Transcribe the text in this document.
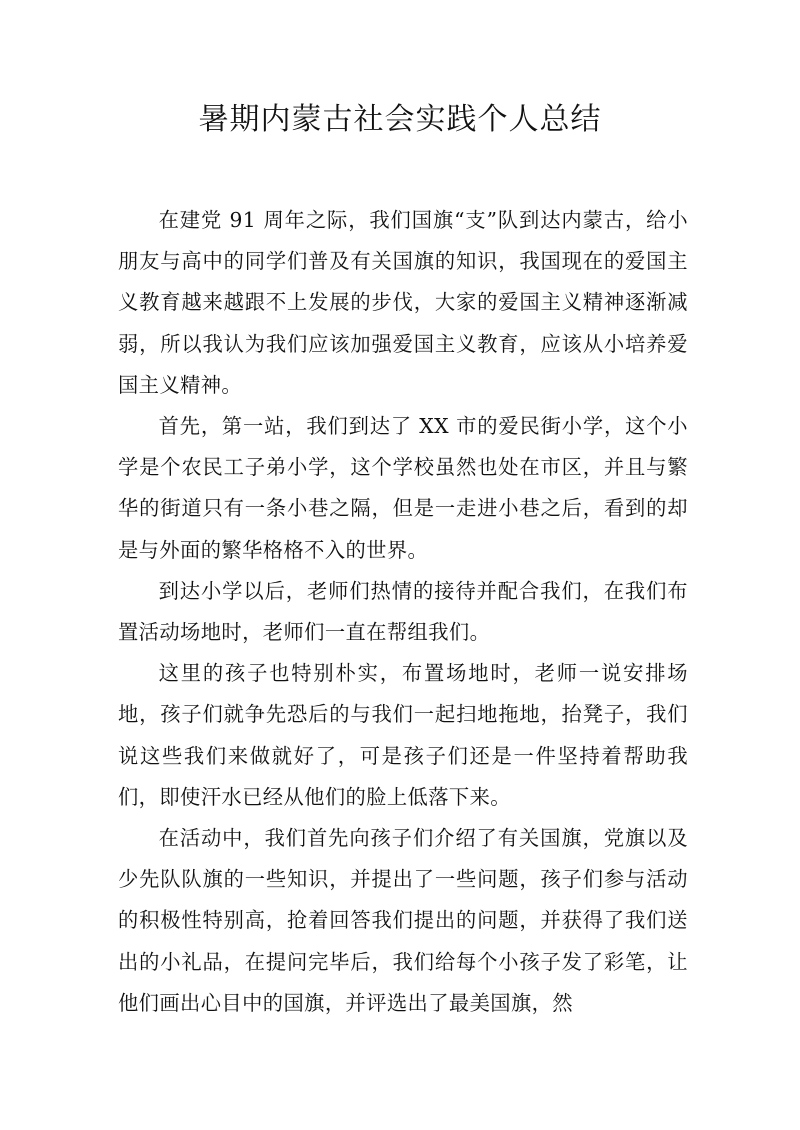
暑期内蒙古社会实践个人总结

在建党 91 周年之际，我们国旗“支”队到达内蒙古，给小朋友与高中的同学们普及有关国旗的知识，我国现在的爱国主义教育越来越跟不上发展的步伐，大家的爱国主义精神逐渐减弱，所以我认为我们应该加强爱国主义教育，应该从小培养爱国主义精神。

首先，第一站，我们到达了 XX 市的爱民街小学，这个小学是个农民工子弟小学，这个学校虽然也处在市区，并且与繁华的街道只有一条小巷之隔，但是一走进小巷之后，看到的却是与外面的繁华格格不入的世界。

到达小学以后，老师们热情的接待并配合我们，在我们布置活动场地时，老师们一直在帮组我们。

这里的孩子也特别朴实，布置场地时，老师一说安排场地，孩子们就争先恐后的与我们一起扫地拖地，抬凳子，我们说这些我们来做就好了，可是孩子们还是一件坚持着帮助我们，即使汗水已经从他们的脸上低落下来。

在活动中，我们首先向孩子们介绍了有关国旗，党旗以及少先队队旗的一些知识，并提出了一些问题，孩子们参与活动的积极性特别高，抢着回答我们提出的问题，并获得了我们送出的小礼品，在提问完毕后，我们给每个小孩子发了彩笔，让他们画出心目中的国旗，并评选出了最美国旗，然
